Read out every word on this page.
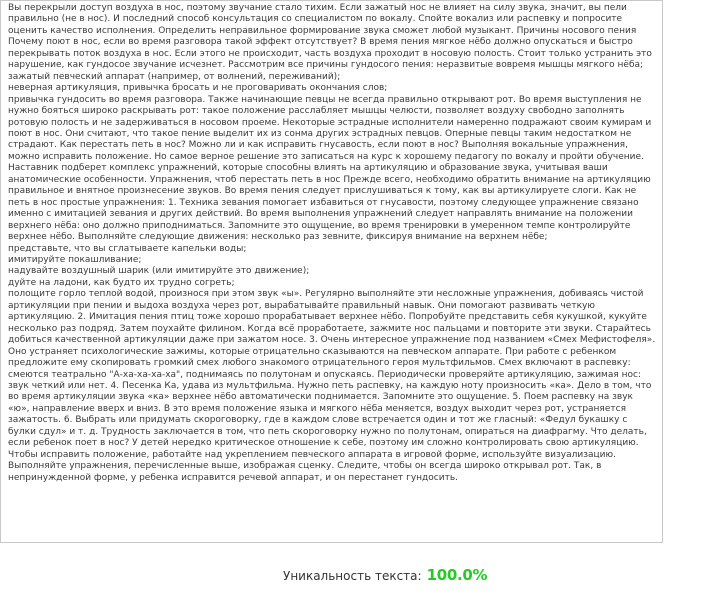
Вы перекрыли доступ воздуха в нос, поэтому звучание стало тихим. Если зажатый нос не влияет на силу звука, значит, вы пели правильно (не в нос). И последний способ консультация со специалистом по вокалу. Спойте вокализ или распевку и попросите оценить качество исполнения. Определить неправильное формирование звука сможет любой музыкант. Причины носового пения Почему поют в нос, если во время разговора такой эффект отсутствует? В время пения мягкое нёбо должно опускаться и быстро перекрывать поток воздуха в нос. Если этого не происходит, часть воздуха проходит в носовую полость. Стоит только устранить это нарушение, как гундосое звучание исчезнет. Рассмотрим все причины гундосого пения: неразвитые вовремя мышцы мягкого нёба;
зажатый певческий аппарат (например, от волнений, переживаний);
неверная артикуляция, привычка бросать и не проговаривать окончания слов;
привычка гундосить во время разговора. Также начинающие певцы не всегда правильно открывают рот. Во время выступления не нужно бояться широко раскрывать рот: такое положение расслабляет мышцы челюсти, позволяет воздуху свободно заполнять ротовую полость и не задерживаться в носовом проеме. Некоторые эстрадные исполнители намеренно подражают своим кумирам и поют в нос. Они считают, что такое пение выделит их из сонма других эстрадных певцов. Оперные певцы таким недостатком не страдают. Как перестать петь в нос? Можно ли и как исправить гнусавость, если поют в нос? Выполняя вокальные упражнения, можно исправить положение. Но самое верное решение это записаться на курс к хорошему педагогу по вокалу и пройти обучение. Наставник подберет комплекс упражнений, которые способны влиять на артикуляцию и образование звука, учитывая ваши анатомические особенности. Упражнения, чтоб перестать петь в нос Прежде всего, необходимо обратить внимание на артикуляцию правильное и внятное произнесение звуков. Во время пения следует прислушиваться к тому, как вы артикулируете слоги. Как не петь в нос простые упражнения: 1. Техника зевания помогает избавиться от гнусавости, поэтому следующее упражнение связано именно с имитацией зевания и других действий. Во время выполнения упражнений следует направлять внимание на положении верхнего нёба: оно должно приподниматься. Запомните это ощущение, во время тренировки в умеренном темпе контролируйте верхнее нёбо. Выполняйте следующие движения: несколько раз зевните, фиксируя внимание на верхнем нёбе;
представьте, что вы сглатываете капельки воды;
имитируйте покашливание;
надувайте воздушный шарик (или имитируйте это движение);
дуйте на ладони, как будто их трудно согреть;
полощите горло теплой водой, произнося при этом звук «ы». Регулярно выполняйте эти несложные упражнения, добиваясь чистой артикуляции при пении и выдоха воздуха через рот, вырабатывайте правильный навык. Они помогают развивать четкую артикуляцию. 2. Имитация пения птиц тоже хорошо прорабатывает верхнее нёбо. Попробуйте представить себя кукушкой, кукуйте несколько раз подряд. Затем поухайте филином. Когда всё проработаете, зажмите нос пальцами и повторите эти звуки. Старайтесь добиться качественной артикуляции даже при зажатом носе. 3. Очень интересное упражнение под названием «Смех Мефистофеля». Оно устраняет психологические зажимы, которые отрицательно сказываются на певческом аппарате. При работе с ребенком предложите ему скопировать громкий смех любого знакомого отрицательного героя мультфильмов. Смех включают в распевку: смеются театрально "А-ха-ха-ха-ха", поднимаясь по полутонам и опускаясь. Периодически проверяйте артикуляцию, зажимая нос: звук четкий или нет. 4. Песенка Ка, удава из мультфильма. Нужно петь распевку, на каждую ноту произносить «ка». Дело в том, что во время артикуляции звука «ка» верхнее нёбо автоматически поднимается. Запомните это ощущение. 5. Поем распевку на звук «ю», направление вверх и вниз. В это время положение языка и мягкого нёба меняется, воздух выходит через рот, устраняется зажатость. 6. Выбрать или придумать скороговорку, где в каждом слове встречается один и тот же гласный: «Федул букашку с булки сдул» и т. д. Трудность заключается в том, что петь скороговорку нужно по полутонам, опираться на диафрагму. Что делать, если ребенок поет в нос? У детей нередко критическое отношение к себе, поэтому им сложно контролировать свою артикуляцию. Чтобы исправить положение, работайте над укреплением певческого аппарата в игровой форме, используйте визуализацию. Выполняйте упражнения, перечисленные выше, изображая сценку. Следите, чтобы он всегда широко открывал рот. Так, в непринужденной форме, у ребенка исправится речевой аппарат, и он перестанет гундосить.
Уникальность текста: 100.0%
